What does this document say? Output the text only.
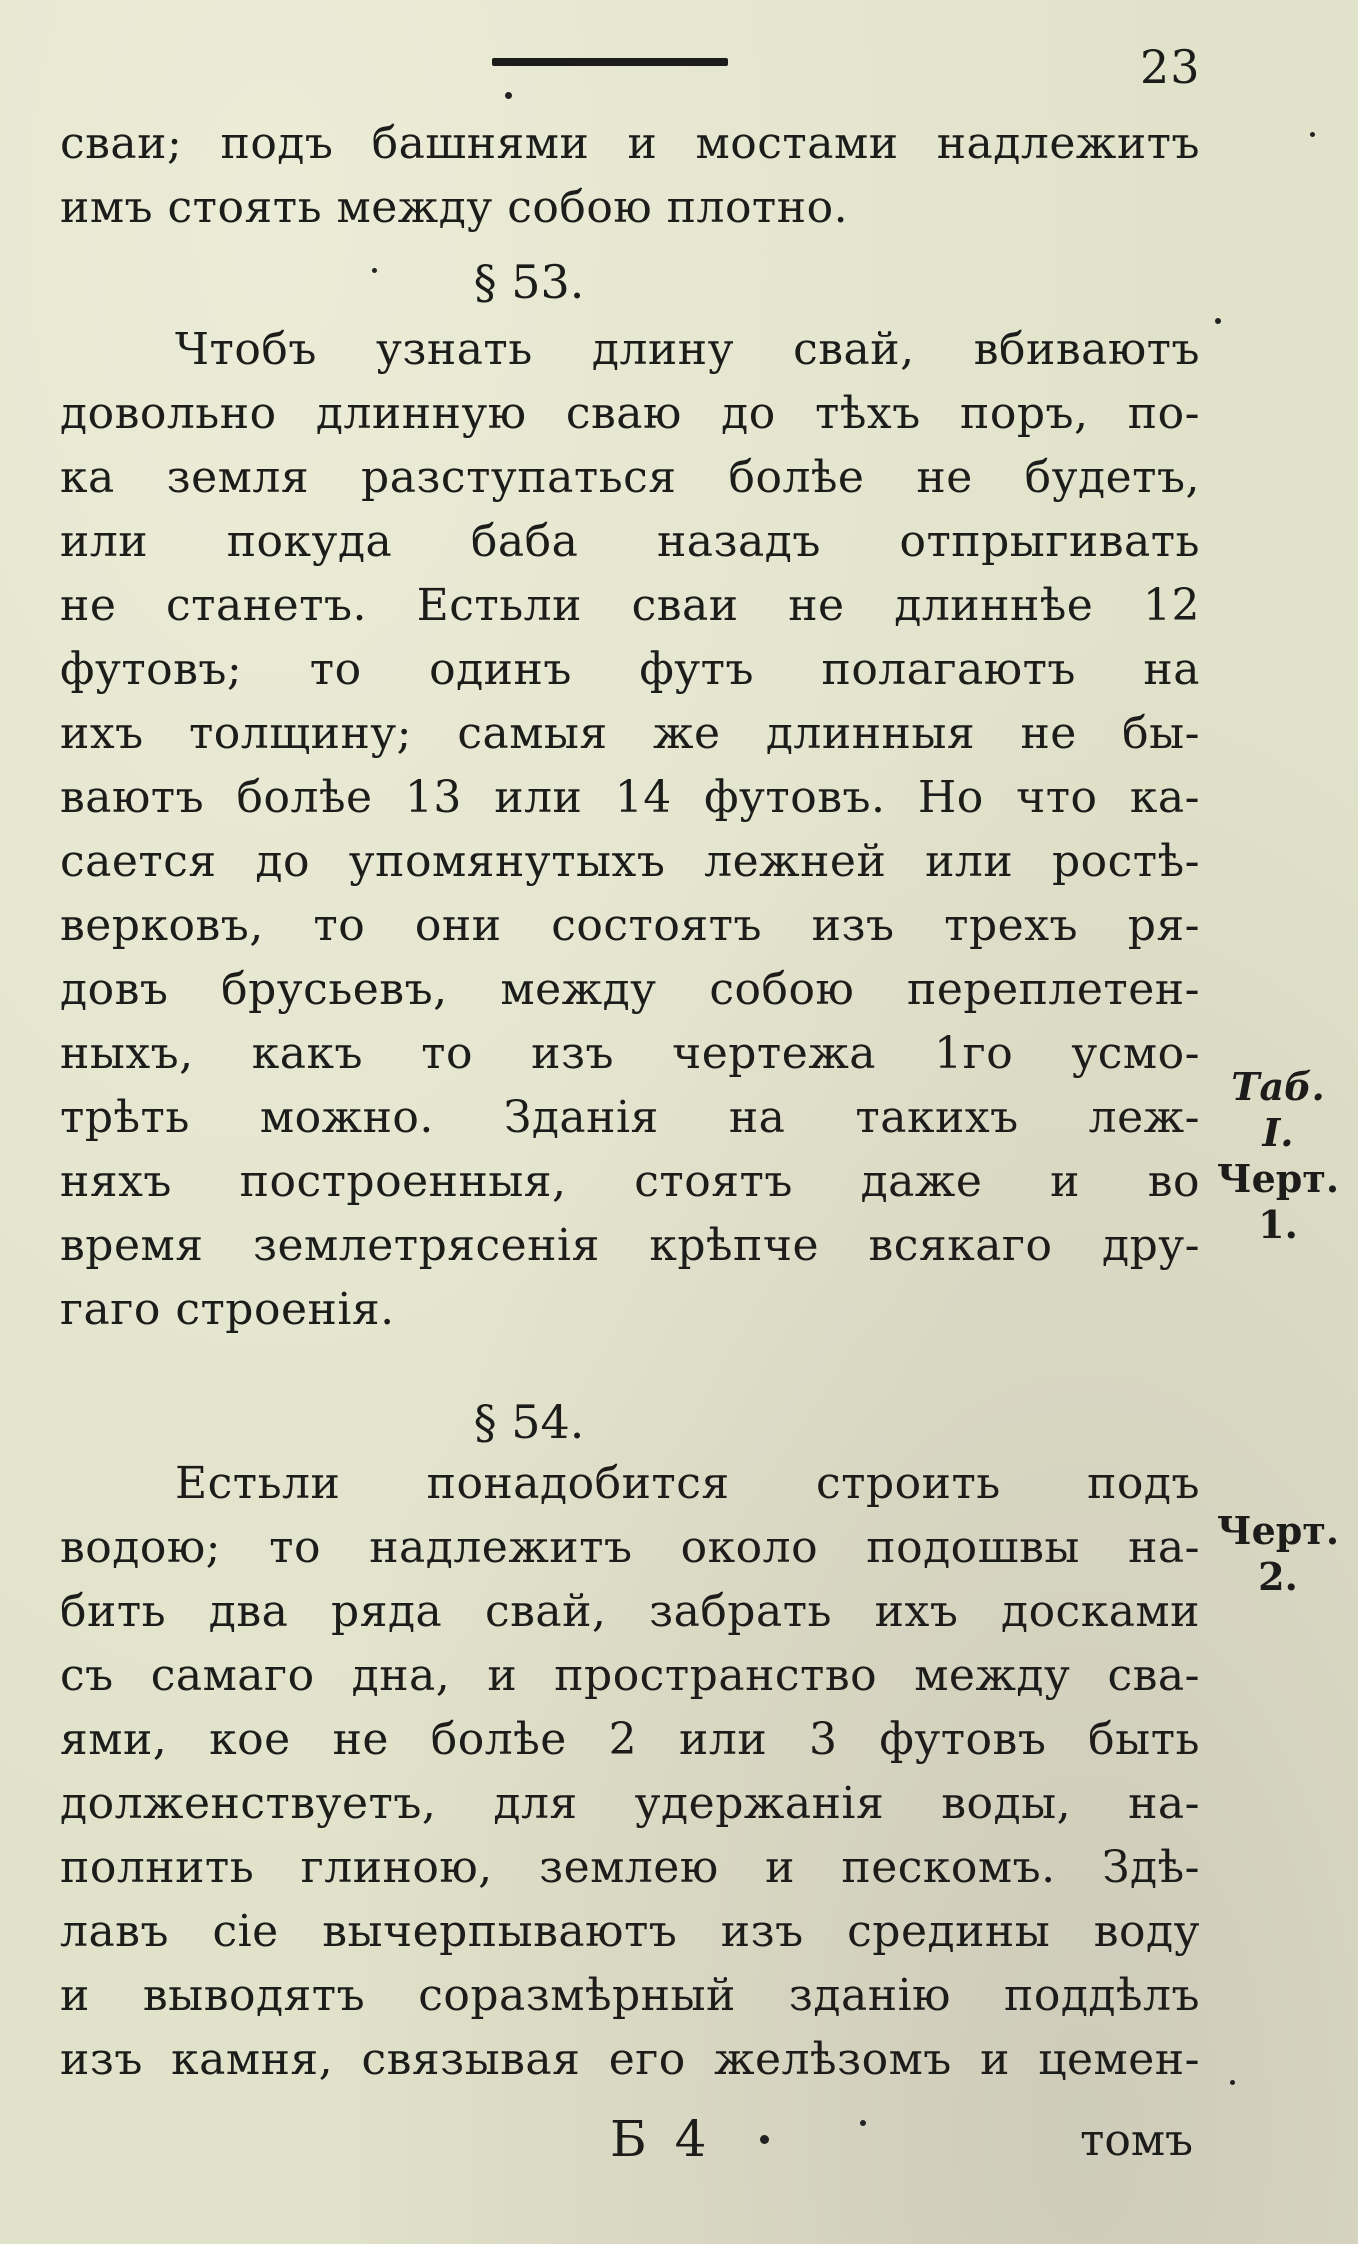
23
сваи; подъ башнями и мостами надлежитъ
имъ стоять между собою плотно.
§ 53.
Чтобъ узнать длину свай, вбиваютъ
довольно длинную сваю до тѣхъ поръ, по-
ка земля разступаться болѣе не будетъ,
или покуда баба назадъ отпрыгивать
не станетъ. Естьли сваи не длиннѣе 12
футовъ; то одинъ футъ полагаютъ на
ихъ толщину; самыя же длинныя не бы-
ваютъ болѣе 13 или 14 футовъ. Но что ка-
сается до упомянутыхъ лежней или ростѣ-
верковъ, то они состоятъ изъ трехъ ря-
довъ брусьевъ, между собою переплетен-
ныхъ, какъ то изъ чертежа 1го усмо-
трѣть можно. Зданія на такихъ леж-
няхъ построенныя, стоятъ даже и во
время землетрясенія крѣпче всякаго дру-
гаго строенія.
§ 54.
Естьли понадобится строить подъ
водою; то надлежитъ около подошвы на-
бить два ряда свай, забрать ихъ досками
съ самаго дна, и пространство между сва-
ями, кое не болѣе 2 или 3 футовъ быть
долженствуетъ, для удержанія воды, на-
полнить глиною, землею и пескомъ. Здѣ-
лавъ сіе вычерпываютъ изъ средины воду
и выводятъ соразмѣрный зданію поддѣлъ
изъ камня, связывая его желѣзомъ и цемен-
Таб.
I.
Черт.
1.
Черт.
2.
Б 4	томъ
